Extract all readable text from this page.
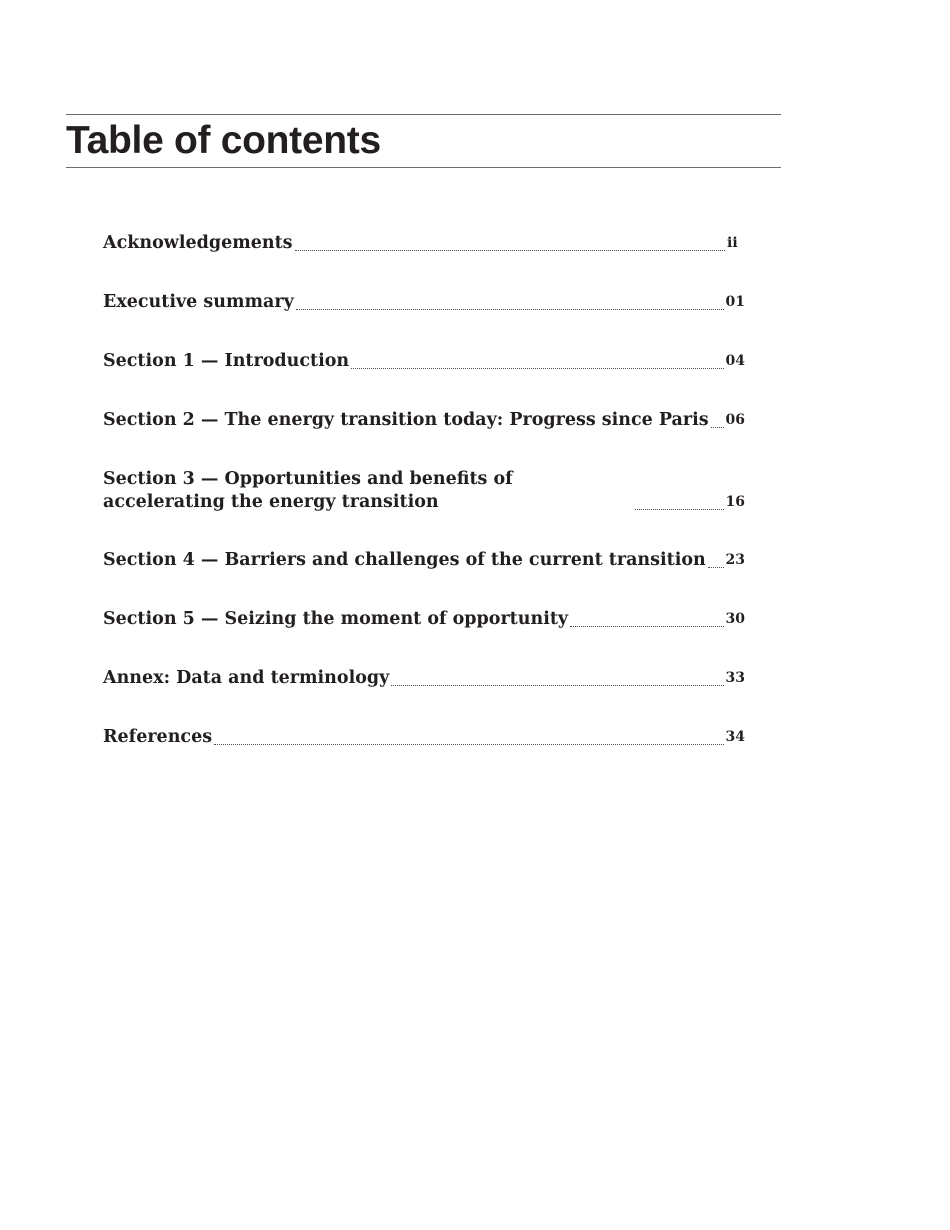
Table of contents
Acknowledgements	ii
Executive summary	01
Section 1 — Introduction	04
Section 2 — The energy transition today: Progress since Paris 06
Section 3 — Opportunities and benefits of accelerating the energy transition	16
Section 4 — Barriers and challenges of the current transition 23
Section 5 — Seizing the moment of opportunity	30
Annex: Data and terminology	33
References	34
